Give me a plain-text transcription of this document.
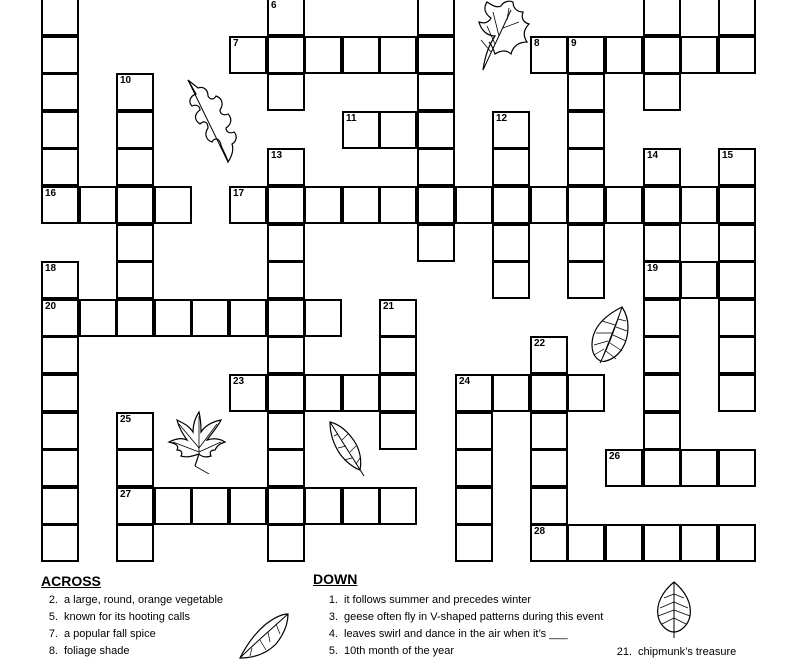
28
27
26
25
24
23
22
21
20
19
18
17
15
14
13
12
11
10
9
8
7
6
16
ACROSS
2. a large, round, orange vegetable
5. known for its hooting calls
7. a popular fall spice
8. foliage shade
DOWN
1. it follows summer and precedes winter
3. geese often fly in V-shaped patterns during this event
4. leaves swirl and dance in the air when it’s ___
5. 10th month of the year	21. chipmunk’s treasure
